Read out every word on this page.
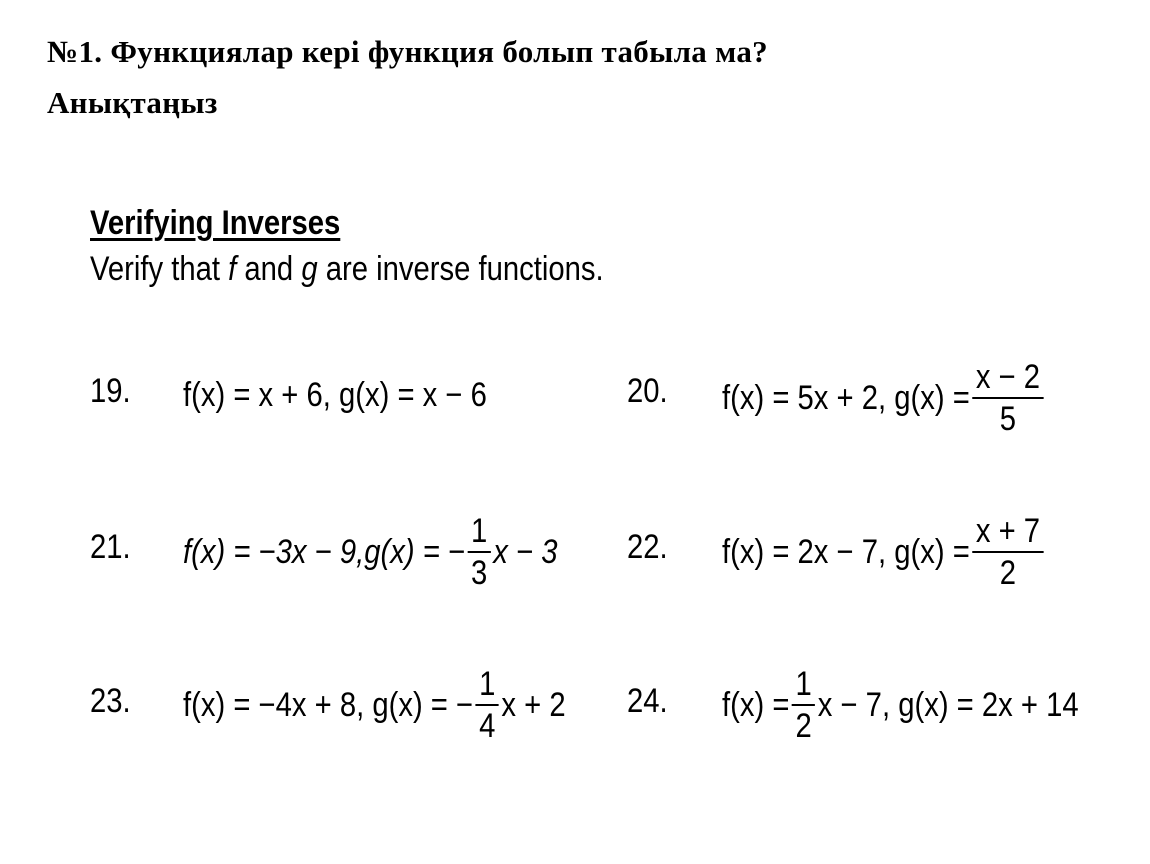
№1. Функциялар кері функция болып табыла ма?
Анықтаңыз
Verifying Inverses
Verify that f and g are inverse functions.
19. f(x) = x + 6, g(x) = x − 6	20. f(x) = 5x + 2, $g(x) = \frac{x - 2}{5}$
21. f(x) = −3x − 9, g(x) = − $\frac{1}{3}$ x − 3 22. f(x) = 2x − 7, $g(x) = \frac{x + 7}{2}$
23. f(x) = −4x + 8, g(x) = − $\frac{1}{4}$ x + 2 24. $f(x) = \frac{1}{2}$ x − 7, g(x) = 2x + 14
